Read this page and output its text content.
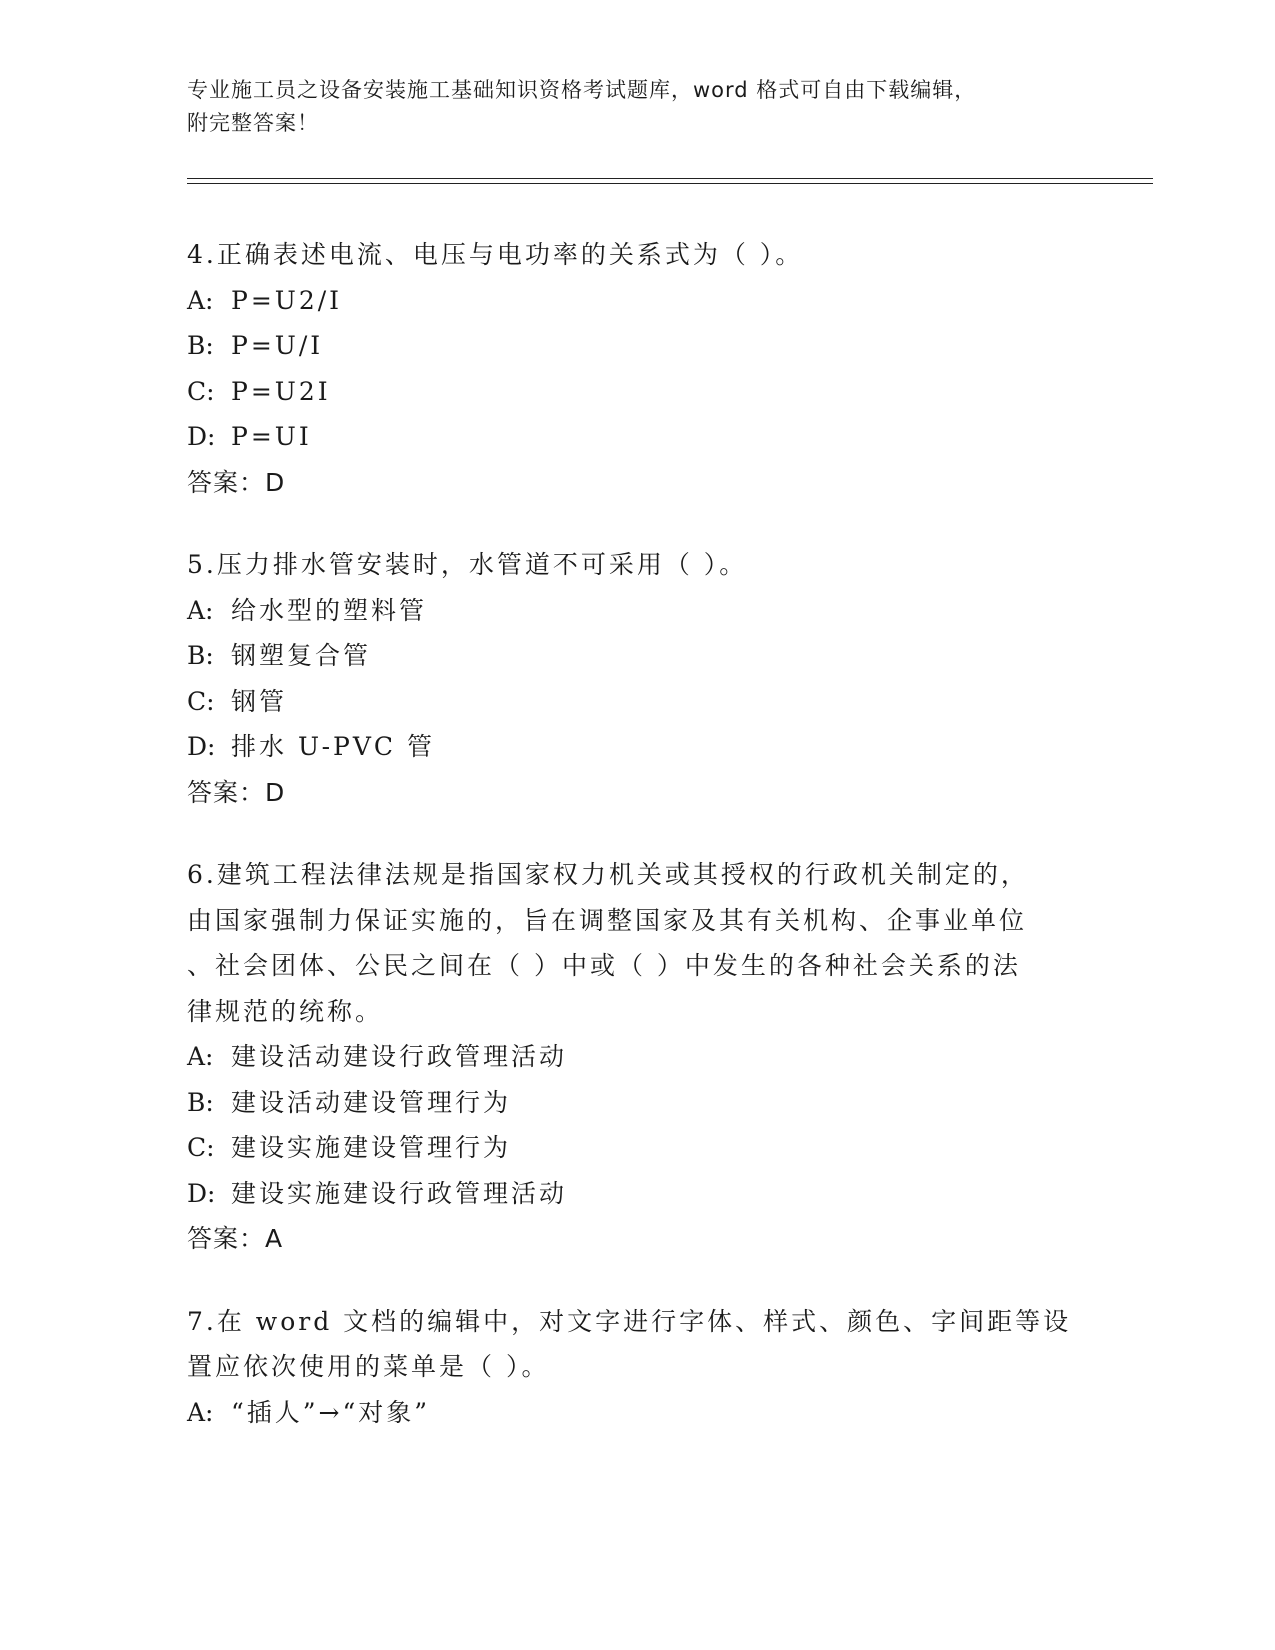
专业施工员之设备安装施工基础知识资格考试题库，word 格式可自由下载编辑，
附完整答案！

4.正确表述电流、电压与电功率的关系式为（ ）。

A: P=U2/I

B: P=U/I

C: P=U2I

D: P=UI

答案：D

5.压力排水管安装时，水管道不可采用（ ）。

A: 给水型的塑料管

B: 钢塑复合管

C: 钢管

D: 排水 U-PVC 管

答案：D

6.建筑工程法律法规是指国家权力机关或其授权的行政机关制定的，

由国家强制力保证实施的，旨在调整国家及其有关机构、企事业单位

、社会团体、公民之间在（ ）中或（ ）中发生的各种社会关系的法

律规范的统称。

A: 建设活动建设行政管理活动

B: 建设活动建设管理行为

C: 建设实施建设管理行为

D: 建设实施建设行政管理活动

答案：A

7.在 word 文档的编辑中，对文字进行字体、样式、颜色、字间距等设

置应依次使用的菜单是（ ）。

A: “插人”→“对象”
